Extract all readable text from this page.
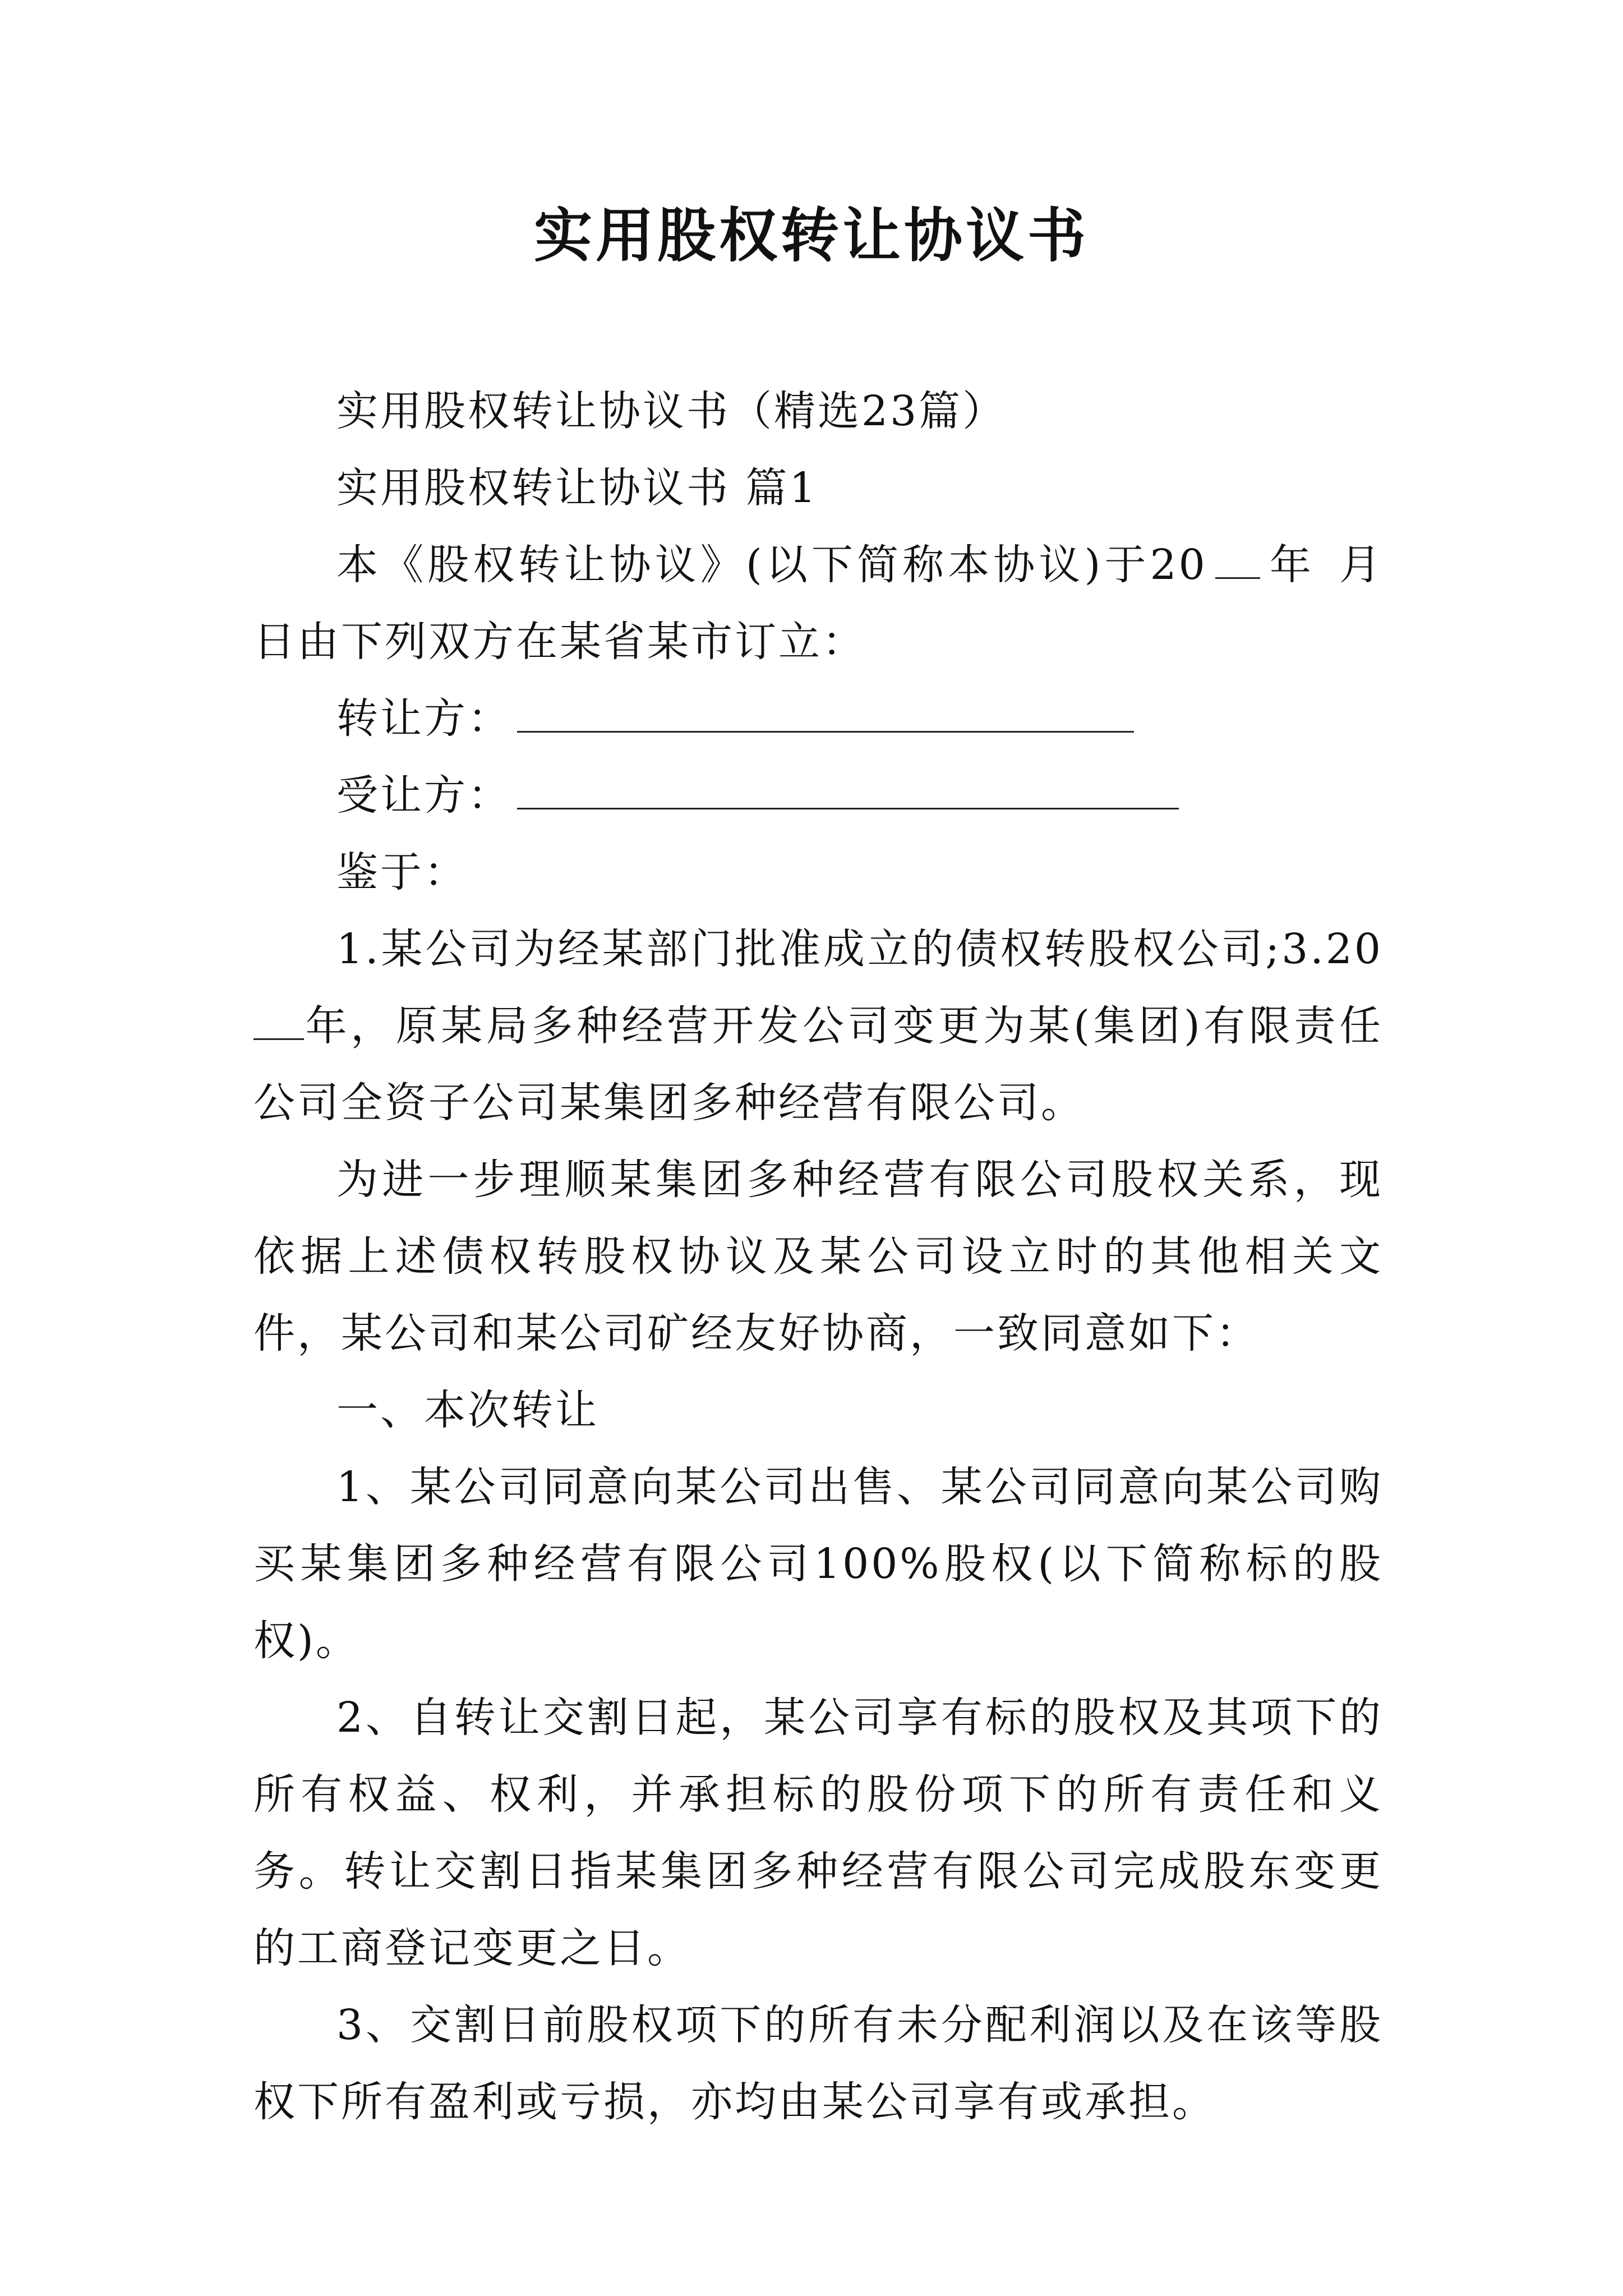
实用股权转让协议书

实用股权转让协议书（精选23篇）

实用股权转让协议书 篇1

本《股权转让协议》(以下简称本协议)于20 年 月日由下列双方在某省某市订立：

转让方：

受让方：

鉴于：

1.某公司为经某部门批准成立的债权转股权公司;3.20年，原某局多种经营开发公司变更为某(集团)有限责任公司全资子公司某集团多种经营有限公司。

为进一步理顺某集团多种经营有限公司股权关系，现依据上述债权转股权协议及某公司设立时的其他相关文件，某公司和某公司矿经友好协商，一致同意如下：

一、本次转让

1、某公司同意向某公司出售、某公司同意向某公司购买某集团多种经营有限公司100%股权(以下简称标的股权)。

2、自转让交割日起，某公司享有标的股权及其项下的所有权益、权利，并承担标的股份项下的所有责任和义务。转让交割日指某集团多种经营有限公司完成股东变更的工商登记变更之日。

3、交割日前股权项下的所有未分配利润以及在该等股权下所有盈利或亏损，亦均由某公司享有或承担。
